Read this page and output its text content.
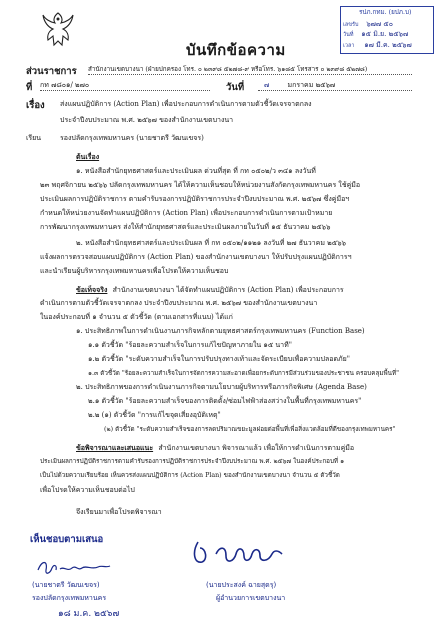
รปภ.กทม. (ยปภ.บ)
เลขรับ ๖๗๗ ๕๐
วันที่ ๑๕ มิ.ย. ๒๕๖๗
เวลา ๑๗ มี.ค. ๒๕๖๗
บันทึกข้อความ
ส่วนราชการ สำนักงานเขตบางนา (ฝ่ายปกครอง โทร. ๐ ๒๓๙๘ ๕๒๗๘-๙ หรือโทร. ๖๑๘๕ โทรสาร ๐ ๒๓๙๘ ๕๒๗๘)
ที่ กท ๗๘๐๑/ ๒๗๐	วันที่	๗	มกราคม ๒๕๖๗
เรื่อง ส่งแผนปฏิบัติการ (Action Plan) เพื่อประกอบการดำเนินการตามตัวชี้วัดเจรจาตกลง
ประจำปีงบประมาณ พ.ศ. ๒๕๖๗ ของสำนักงานเขตบางนา
เรียน	รองปลัดกรุงเทพมหานคร (นายชาตรี วัฒนเขจร)
ต้นเรื่อง
๑. หนังสือสำนักยุทธศาสตร์และประเมินผล ด่วนที่สุด ที่ กท ๐๕๐๒/ว ๓๔๑ ลงวันที่
๒๓ พฤศจิกายน ๒๕๖๖ ปลัดกรุงเทพมหานคร ได้ให้ความเห็นชอบให้หน่วยงานสังกัดกรุงเทพมหานคร ใช้คู่มือ
ประเมินผลการปฏิบัติราชการ ตามคำรับรองการปฏิบัติราชการประจำปีงบประมาณ พ.ศ. ๒๕๖๗ ซึ่งคู่มือฯ
กำหนดให้หน่วยงานจัดทำแผนปฏิบัติการ (Action Plan) เพื่อประกอบการดำเนินการตามเป้าหมาย
การพัฒนากรุงเทพมหานคร ส่งให้สำนักยุทธศาสตร์และประเมินผลภายในวันที่ ๑๕ ธันวาคม ๒๕๖๖
๒. หนังสือสำนักยุทธศาสตร์และประเมินผล ที่ กท ๐๕๐๒/๑๑๒๑ ลงวันที่ ๒๗ ธันวาคม ๒๕๖๖
แจ้งผลการตรวจสอบแผนปฏิบัติการ (Action Plan) ของสำนักงานเขตบางนา ให้ปรับปรุงแผนปฏิบัติการฯ
และนำเรียนผู้บริหารกรุงเทพมหานครเพื่อโปรดให้ความเห็นชอบ
ข้อเท็จจริง สำนักงานเขตบางนา ได้จัดทำแผนปฏิบัติการ (Action Plan) เพื่อประกอบการ
ดำเนินการตามตัวชี้วัดเจรจาตกลง ประจำปีงบประมาณ พ.ศ. ๒๕๖๗ ของสำนักงานเขตบางนา
ในองค์ประกอบที่ ๑ จำนวน ๕ ตัวชี้วัด (ตามเอกสารที่แนบ) ได้แก่
๑. ประสิทธิภาพในการดำเนินงานภารกิจหลักตามยุทธศาสตร์กรุงเทพมหานคร (Function Base)
๑.๑ ตัวชี้วัด "ร้อยละความสำเร็จในการแก้ไขปัญหาภายใน ๑๕ นาที"
๑.๒ ตัวชี้วัด "ระดับความสำเร็จในการปรับปรุงทางเท้าและจัดระเบียบเพื่อความปลอดภัย"
๑.๓ ตัวชี้วัด "ร้อยละความสำเร็จในการจัดการความสะอาดเพื่อยกระดับการมีส่วนร่วมของประชาชน ครอบคลุมพื้นที่"
๒. ประสิทธิภาพของการดำเนินงานภารกิจตามนโยบายผู้บริหารหรือภารกิจพิเศษ (Agenda Base)
๒.๑ ตัวชี้วัด "ร้อยละความสำเร็จของการติดตั้ง/ซ่อมไฟฟ้าส่องสว่างในพื้นที่กรุงเทพมหานคร"
๒.๒ (๑) ตัวชี้วัด "การแก้ไขจุดเสี่ยงอุบัติเหตุ"
(๒) ตัวชี้วัด "ระดับความสำเร็จของการลดปริมาณขยะมูลฝอยต่อพื้นที่เพื่อสิ่งแวดล้อมที่ดีของกรุงเทพมหานคร"
ข้อพิจารณาและเสนอแนะ สำนักงานเขตบางนา พิจารณาแล้ว เพื่อให้การดำเนินการตามคู่มือ
ประเมินผลการปฏิบัติราชการตามคำรับรองการปฏิบัติราชการประจำปีงบประมาณ พ.ศ. ๒๕๖๗ ในองค์ประกอบที่ ๑
เป็นไปด้วยความเรียบร้อย เห็นควรส่งแผนปฏิบัติการ (Action Plan) ของสำนักงานเขตบางนา จำนวน ๕ ตัวชี้วัด
เพื่อโปรดให้ความเห็นชอบต่อไป
จึงเรียนมาเพื่อโปรดพิจารณา
เห็นชอบตามเสนอ
(นายชาตรี วัฒนเขจร)
รองปลัดกรุงเทพมหานคร
๑๘ ม.ค. ๒๕๖๗
(นายประสงค์ ฉายสุดรุ)
ผู้อำนวยการเขตบางนา
